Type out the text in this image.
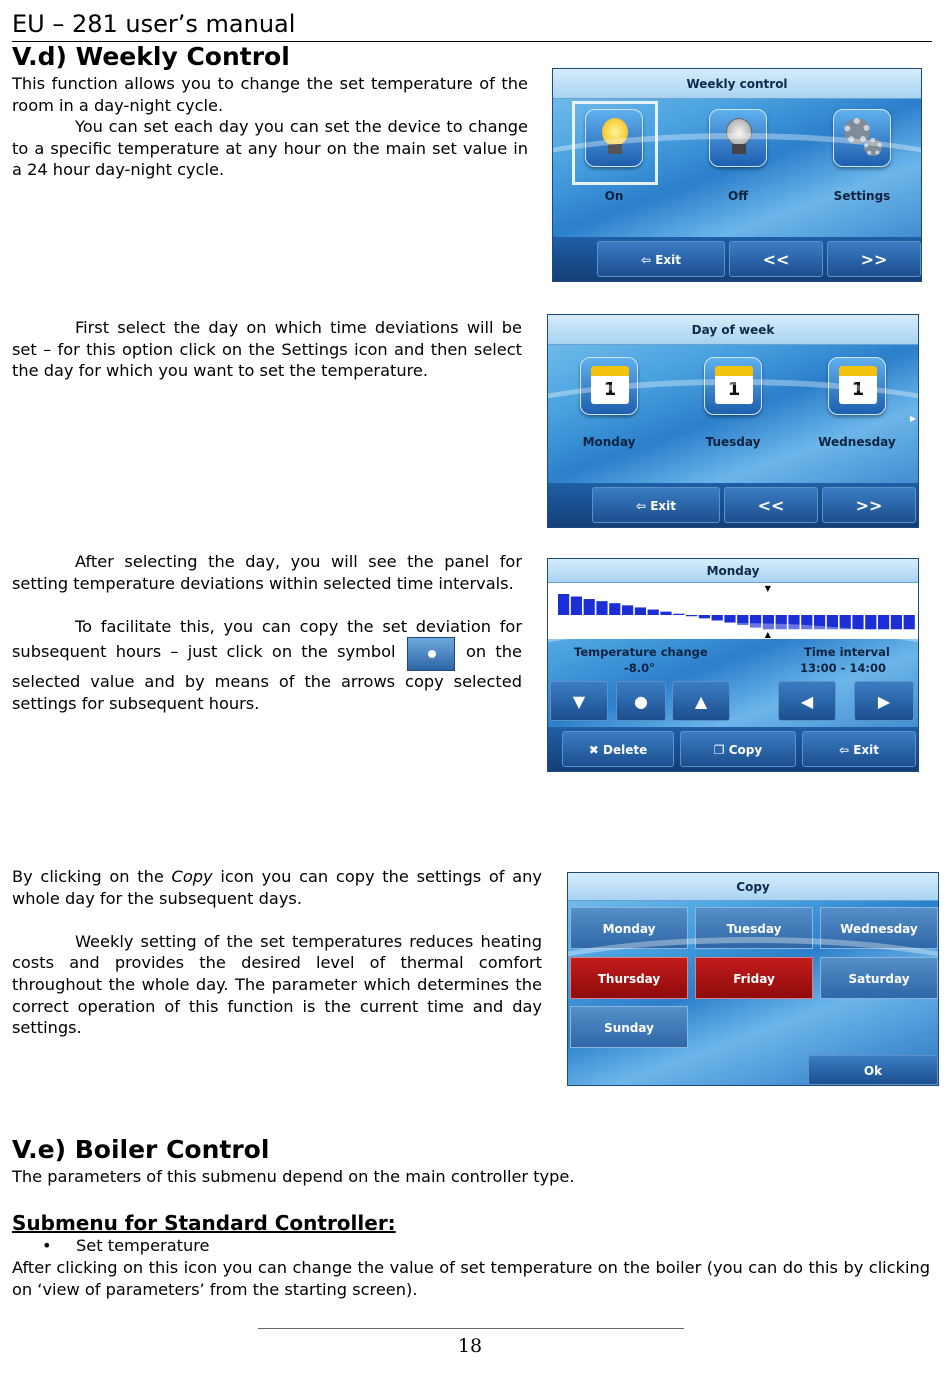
EU – 281 user’s manual
V.d) Weekly Control

This function allows you to change the set temperature of the room in a day-night cycle.

You can set each day you can set the device to change to a specific temperature at any hour on the main set value in a 24 hour day-night cycle.

First select the day on which time deviations will be set – for this option click on the Settings icon and then select the day for which you want to set the temperature.

After selecting the day, you will see the panel for setting temperature deviations within selected time intervals.

To facilitate this, you can copy the set deviation for subsequent hours – just click on the symbol	on the selected value and by means of the arrows copy selected settings for subsequent hours.

By clicking on the Copy icon you can copy the settings of any whole day for the subsequent days.

Weekly setting of the set temperatures reduces heating costs and provides the desired level of thermal comfort throughout the whole day. The parameter which determines the correct operation of this function is the current time and day settings.

Weekly control
On	Off	Settings
⇦ Exit	<<	>>
Day of week
1
Monday
1
Tuesday
1
Wednesday
▸
⇦ Exit	<<	>>
Monday
▼
▲
Temperature change
-8.0°
Time interval
13:00 - 14:00
▼	●	▲	◀	▶
✖ Delete	❐ Copy	⇦ Exit
Copy
Monday	Tuesday	Wednesday
Thursday	Friday	Saturday
Sunday
Ok
V.e) Boiler Control
The parameters of this submenu depend on the main controller type.
Submenu for Standard Controller:
• Set temperature
After clicking on this icon you can change the value of set temperature on the boiler (you can do this by clicking on ‘view of parameters’ from the starting screen).
18
